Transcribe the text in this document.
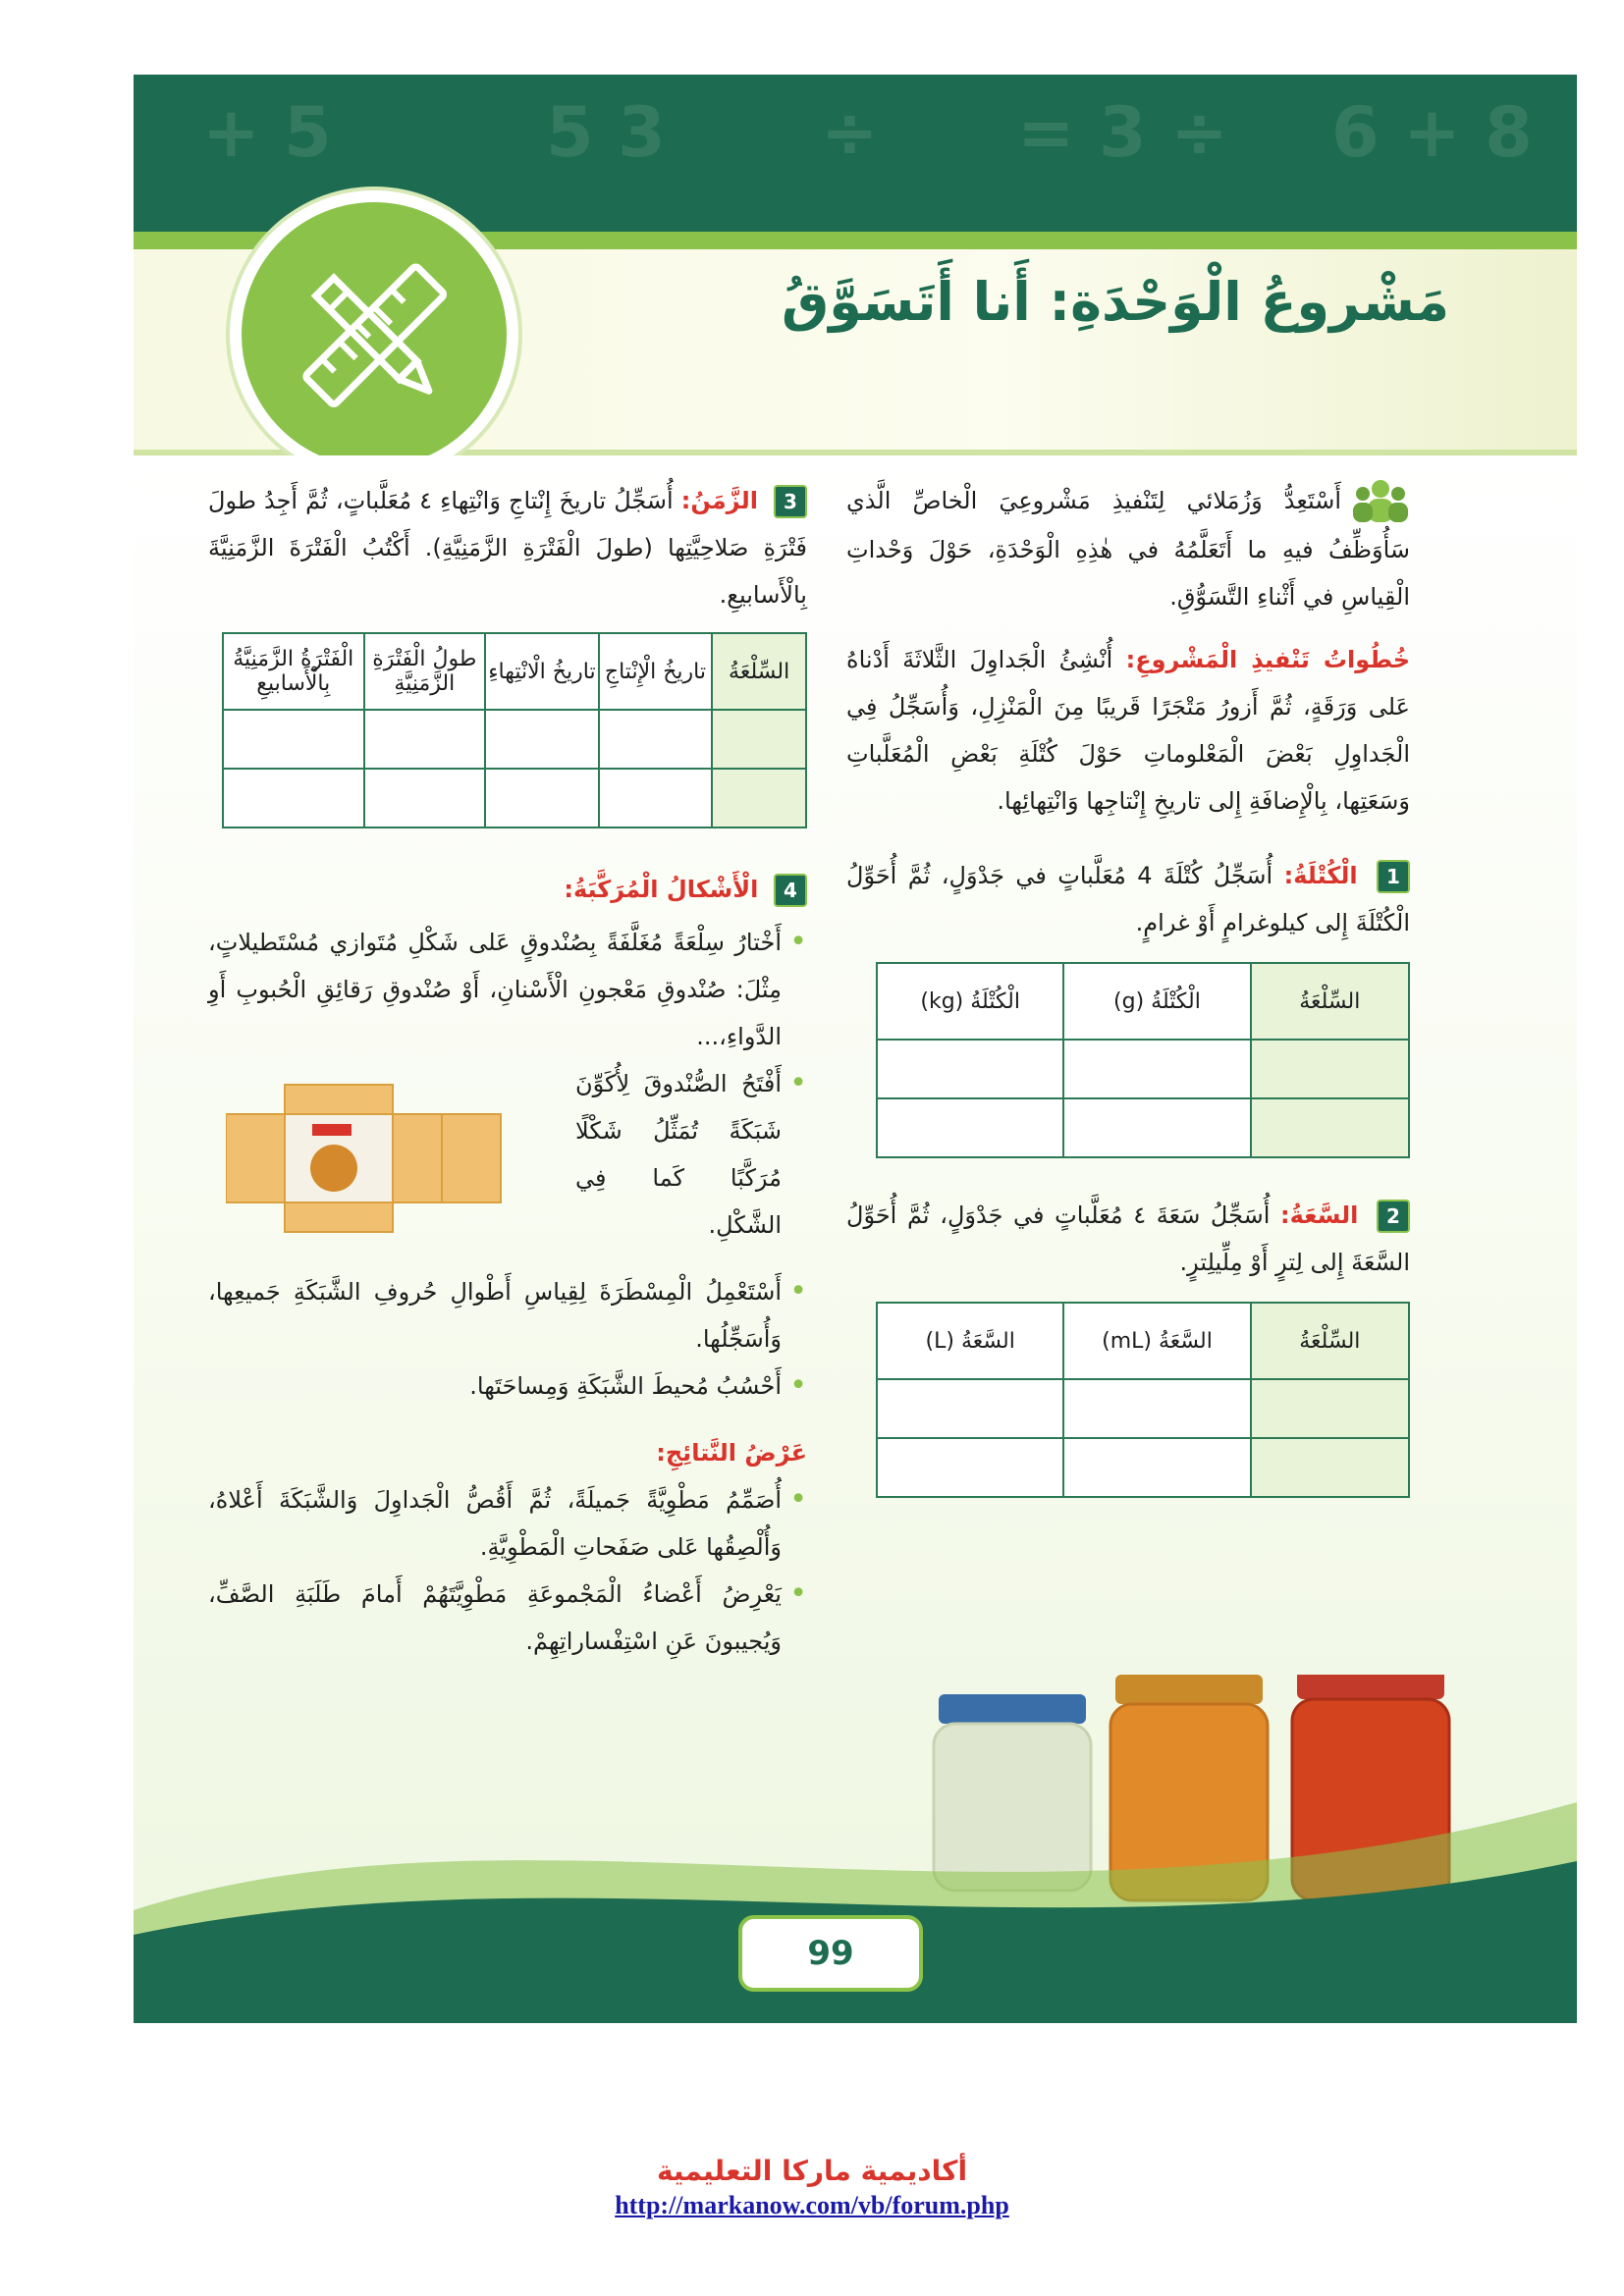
5 +	3 5 ÷ ÷ 3 = 8 + 6
مَشْروعُ الْوَحْدَةِ: أَنا أَتَسَوَّقُ

أَسْتَعِدُّ وَزُمَلائي لِتَنْفيذِ مَشْروعِيَ الْخاصِّ الَّذي سَأُوَظِّفُ فيهِ ما أَتَعَلَّمُهُ في هٰذِهِ الْوَحْدَةِ، حَوْلَ وَحْداتِ الْقِياسِ في أَثْناءِ التَّسَوُّقِ.

خُطُواتُ تَنْفيذِ الْمَشْروعِ: أُنْشِئُ الْجَداوِلَ الثَّلاثَةَ أَدْناهُ عَلى وَرَقَةٍ، ثُمَّ أَزورُ مَتْجَرًا قَريبًا مِنَ الْمَنْزِلِ، وَأُسَجِّلُ فِي الْجَداوِلِ بَعْضَ الْمَعْلوماتِ حَوْلَ كُتْلَةِ بَعْضِ الْمُعَلَّباتِ وَسَعَتِها، بِالْإِضافَةِ إِلى تاريخِ إِنْتاجِها وَانْتِهائِها.

1 الْكُتْلَةُ: أُسَجِّلُ كُتْلَةَ 4 مُعَلَّباتٍ في جَدْوَلٍ، ثُمَّ أُحَوِّلُ الْكُتْلَةَ إِلى كيلوغرامٍ أَوْ غرامٍ.

السِّلْعَةُ	الْكُتْلَةُ (g)	الْكُتْلَةُ (kg)

2 السَّعَةُ: أُسَجِّلُ سَعَةَ ٤ مُعَلَّباتٍ في جَدْوَلٍ، ثُمَّ أُحَوِّلُ السَّعَةَ إِلى لِترٍ أَوْ مِلِّيلِترٍ.

السِّلْعَةُ	السَّعَةُ (mL)	السَّعَةُ (L)

3 الزَّمَنُ: أُسَجِّلُ تاريخَ إِنْتاجِ وَانْتِهاءِ ٤ مُعَلَّباتٍ، ثُمَّ أَجِدُ طولَ فَتْرَةِ صَلاحِيَّتِها (طولَ الْفَتْرَةِ الزَّمَنِيَّةِ). أَكْتُبُ الْفَتْرَةَ الزَّمَنِيَّةَ بِالْأَسابيعِ.

السِّلْعَةُ	تاريخُ الْإِنْتاجِ	تاريخُ الْانْتِهاءِ	طولُ الْفَتْرَةِ الزَّمَنِيَّةِ	الْفَتْرَةُ الزَّمَنِيَّةُ بِالْأَسابيعِ

4 الْأَشْكالُ الْمُرَكَّبَةُ:

• أَخْتارُ سِلْعَةً مُغَلَّفَةً بِصُنْدوقٍ عَلى شَكْلِ مُتَوازي مُسْتَطيلاتٍ، مِثْلَ: صُنْدوقِ مَعْجونِ الْأَسْنانِ، أَوْ صُنْدوقِ رَقائِقِ الْحُبوبِ أَوِ الدَّواءِ،...
• أَفْتَحُ الصُّنْدوقَ لِأُكَوِّنَ شَبَكَةً تُمَثِّلُ شَكْلًا مُرَكَّبًا كَما فِي الشَّكْلِ.
• أَسْتَعْمِلُ الْمِسْطَرَةَ لِقِياسِ أَطْوالِ حُروفِ الشَّبَكَةِ جَميعِها، وَأُسَجِّلُها.
• أَحْسُبُ مُحيطَ الشَّبَكَةِ وَمِساحَتَها.

عَرْضُ النَّتائِجِ:

• أُصَمِّمُ مَطْوِيَّةً جَميلَةً، ثُمَّ أَقُصُّ الْجَداوِلَ وَالشَّبَكَةَ أَعْلاهُ، وَأُلْصِقُها عَلى صَفَحاتِ الْمَطْوِيَّةِ.
• يَعْرِضُ أَعْضاءُ الْمَجْموعَةِ مَطْوِيَّتَهُمْ أَمامَ طَلَبَةِ الصَّفِّ، وَيُجيبونَ عَنِ اسْتِفْساراتِهِمْ.
99
أكاديمية ماركا التعليمية
http://markanow.com/vb/forum.php
